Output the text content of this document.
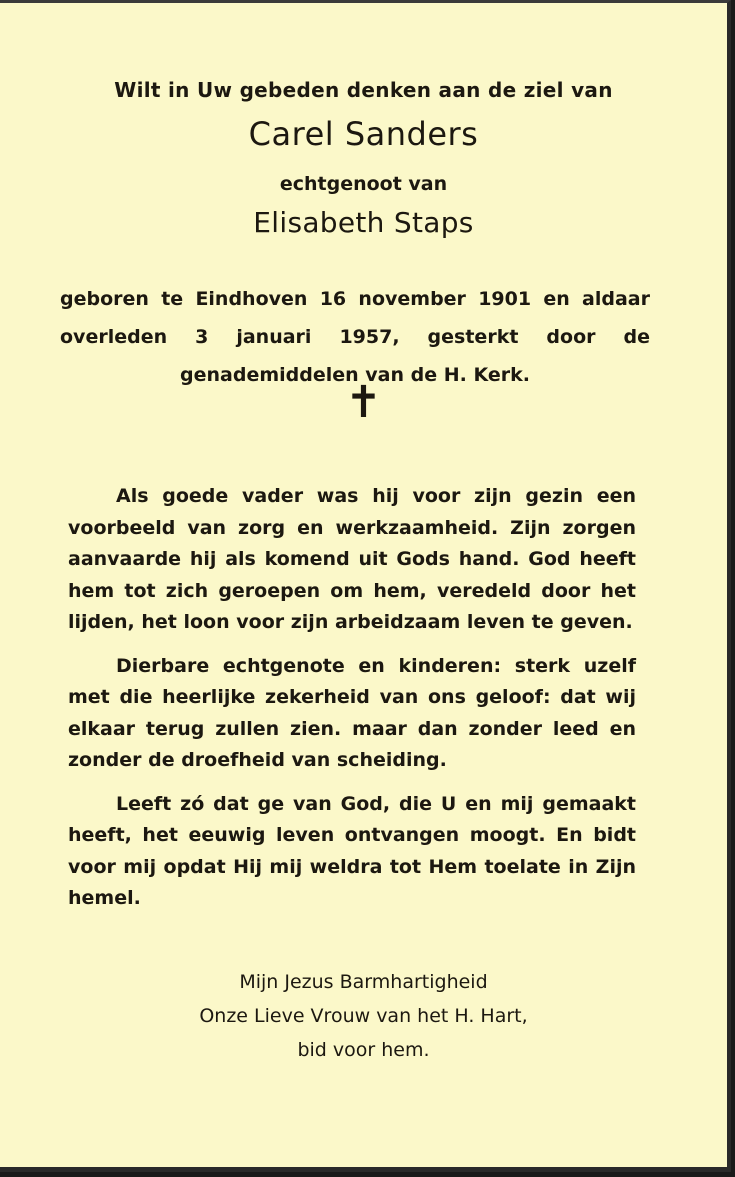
Wilt in Uw gebeden denken aan de ziel van

Carel Sanders

echtgenoot van

Elisabeth Staps

geboren te Eindhoven 16 november 1901 en aldaar overleden 3 januari 1957, gesterkt door de genademiddelen van de H. Kerk.

✝

Als goede vader was hij voor zijn gezin een voorbeeld van zorg en werkzaamheid. Zijn zorgen aanvaarde hij als komend uit Gods hand. God heeft hem tot zich geroepen om hem, veredeld door het lijden, het loon voor zijn arbeidzaam leven te geven.

Dierbare echtgenote en kinderen: sterk uzelf met die heerlijke zekerheid van ons geloof: dat wij elkaar terug zullen zien. maar dan zonder leed en zonder de droefheid van scheiding.

Leeft zó dat ge van God, die U en mij gemaakt heeft, het eeuwig leven ontvangen moogt. En bidt voor mij opdat Hij mij weldra tot Hem toelate in Zijn hemel.

Mijn Jezus Barmhartigheid
Onze Lieve Vrouw van het H. Hart,
bid voor hem.
